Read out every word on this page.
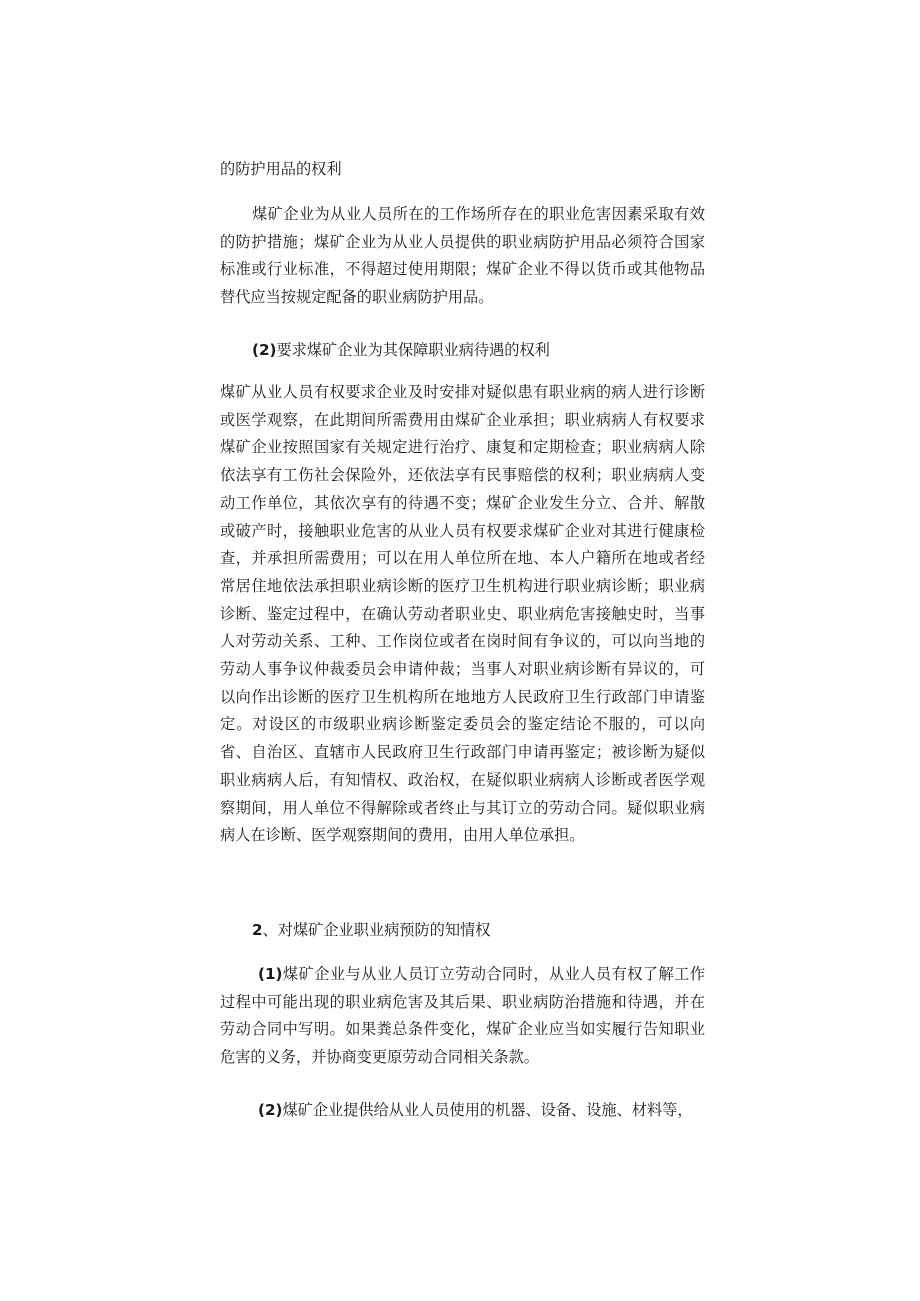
的防护用品的权利

煤矿企业为从业人员所在的工作场所存在的职业危害因素采取有效的防护措施；煤矿企业为从业人员提供的职业病防护用品必须符合国家标准或行业标准，不得超过使用期限；煤矿企业不得以货币或其他物品替代应当按规定配备的职业病防护用品。

(2)要求煤矿企业为其保障职业病待遇的权利

煤矿从业人员有权要求企业及时安排对疑似患有职业病的病人进行诊断或医学观察，在此期间所需费用由煤矿企业承担；职业病病人有权要求煤矿企业按照国家有关规定进行治疗、康复和定期检查；职业病病人除依法享有工伤社会保险外，还依法享有民事赔偿的权利；职业病病人变动工作单位，其依次享有的待遇不变；煤矿企业发生分立、合并、解散或破产时，接触职业危害的从业人员有权要求煤矿企业对其进行健康检查，并承担所需费用；可以在用人单位所在地、本人户籍所在地或者经常居住地依法承担职业病诊断的医疗卫生机构进行职业病诊断；职业病诊断、鉴定过程中，在确认劳动者职业史、职业病危害接触史时，当事人对劳动关系、工种、工作岗位或者在岗时间有争议的，可以向当地的劳动人事争议仲裁委员会申请仲裁；当事人对职业病诊断有异议的，可以向作出诊断的医疗卫生机构所在地地方人民政府卫生行政部门申请鉴定。对设区的市级职业病诊断鉴定委员会的鉴定结论不服的，可以向省、自治区、直辖市人民政府卫生行政部门申请再鉴定；被诊断为疑似职业病病人后，有知情权、政治权，在疑似职业病病人诊断或者医学观察期间，用人单位不得解除或者终止与其订立的劳动合同。疑似职业病病人在诊断、医学观察期间的费用，由用人单位承担。

2、对煤矿企业职业病预防的知情权

(1)煤矿企业与从业人员订立劳动合同时，从业人员有权了解工作过程中可能出现的职业病危害及其后果、职业病防治措施和待遇，并在劳动合同中写明。如果粪总条件变化，煤矿企业应当如实履行告知职业危害的义务，并协商变更原劳动合同相关条款。

(2)煤矿企业提供给从业人员使用的机器、设备、设施、材料等，
